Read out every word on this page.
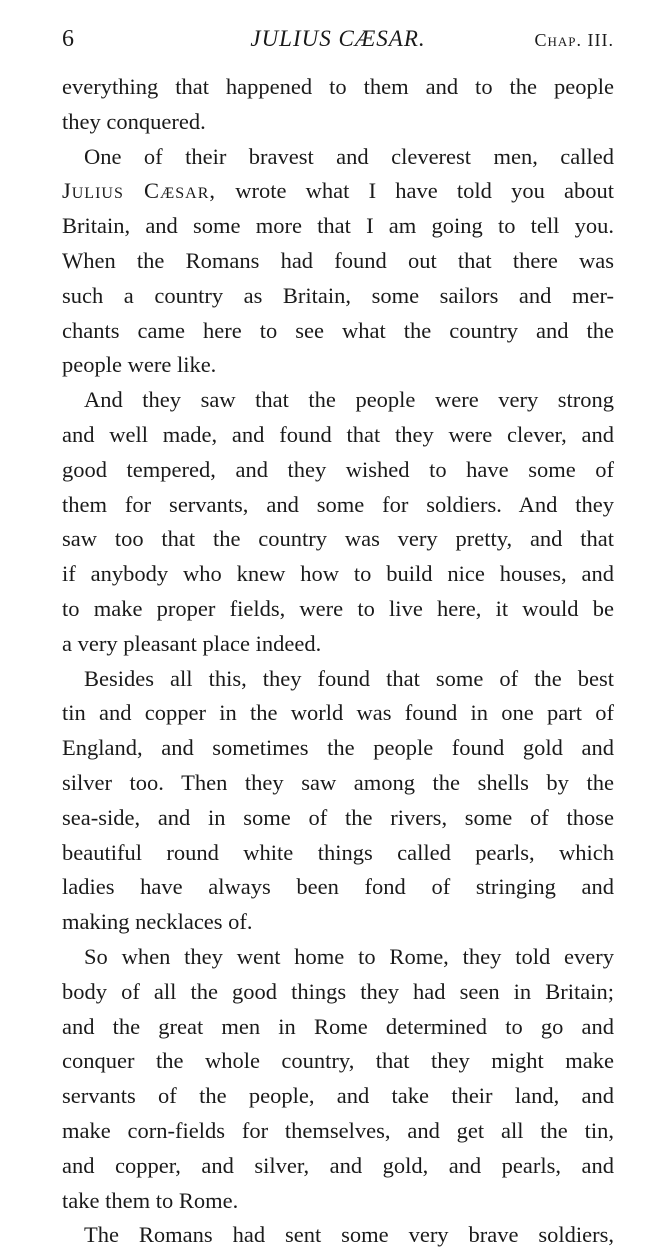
6	JULIUS CÆSAR.	Chap. III.
everything that happened to them and to the people
they conquered.
One of their bravest and cleverest men, called
Julius Cæsar, wrote what I have told you about
Britain, and some more that I am going to tell you.
When the Romans had found out that there was
such a country as Britain, some sailors and mer-
chants came here to see what the country and the
people were like.
And they saw that the people were very strong
and well made, and found that they were clever, and
good tempered, and they wished to have some of
them for servants, and some for soldiers. And they
saw too that the country was very pretty, and that
if anybody who knew how to build nice houses, and
to make proper fields, were to live here, it would be
a very pleasant place indeed.
Besides all this, they found that some of the best
tin and copper in the world was found in one part of
England, and sometimes the people found gold and
silver too. Then they saw among the shells by the
sea-side, and in some of the rivers, some of those
beautiful round white things called pearls, which
ladies have always been fond of stringing and
making necklaces of.
So when they went home to Rome, they told every
body of all the good things they had seen in Britain;
and the great men in Rome determined to go and
conquer the whole country, that they might make
servants of the people, and take their land, and
make corn-fields for themselves, and get all the tin,
and copper, and silver, and gold, and pearls, and
take them to Rome.
The Romans had sent some very brave soldiers,
